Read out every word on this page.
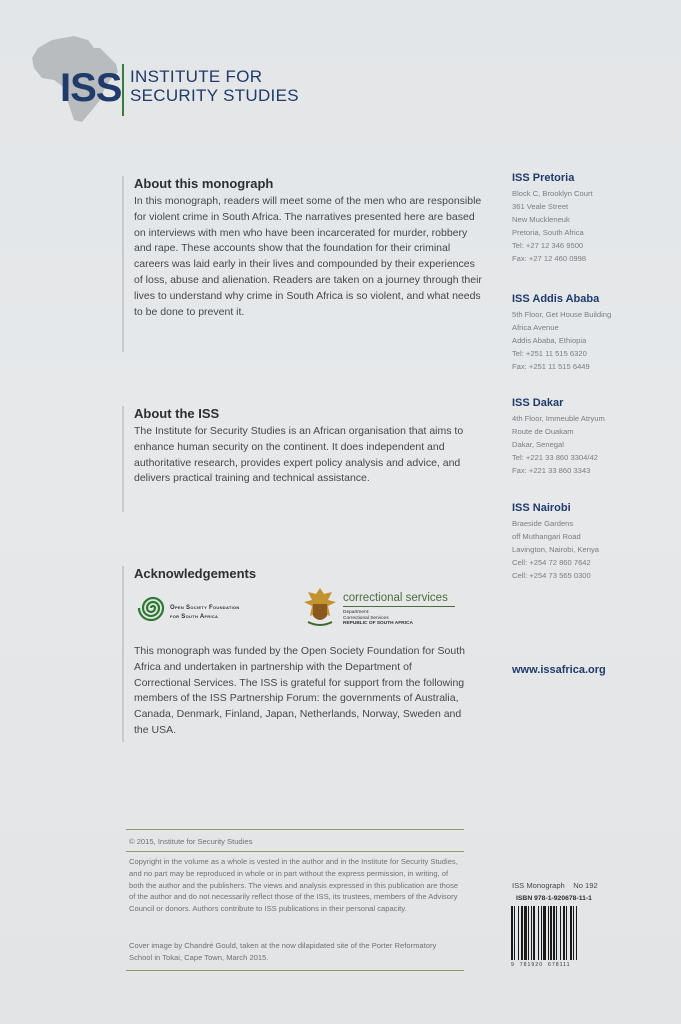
ISS INSTITUTE FOR
SECURITY STUDIES
About this monograph

In this monograph, readers will meet some of the men who are responsible for violent crime in South Africa. The narratives presented here are based on interviews with men who have been incarcerated for murder, robbery and rape. These accounts show that the foundation for their criminal careers was laid early in their lives and compounded by their experiences of loss, abuse and alienation. Readers are taken on a journey through their lives to understand why crime in South Africa is so violent, and what needs to be done to prevent it.

About the ISS

The Institute for Security Studies is an African organisation that aims to enhance human security on the continent. It does independent and authoritative research, provides expert policy analysis and advice, and delivers practical training and technical assistance.

Acknowledgements

This monograph was funded by the Open Society Foundation for South Africa and undertaken in partnership with the Department of Correctional Services. The ISS is grateful for support from the following members of the ISS Partnership Forum: the governments of Australia, Canada, Denmark, Finland, Japan, Netherlands, Norway, Sweden and the USA.

Open Society Foundation
for South Africa
correctional services
Department:
Correctional Services
REPUBLIC OF SOUTH AFRICA
ISS Pretoria
Block C, Brooklyn Court
361 Veale Street
New Muckleneuk
Pretoria, South Africa
Tel: +27 12 346 9500
Fax: +27 12 460 0998
ISS Addis Ababa
5th Floor, Get House Building
Africa Avenue
Addis Ababa, Ethiopia
Tel: +251 11 515 6320
Fax: +251 11 515 6449
ISS Dakar
4th Floor, Immeuble Atryum
Route de Ouakam
Dakar, Senegal
Tel: +221 33 860 3304/42
Fax: +221 33 860 3343
ISS Nairobi
Braeside Gardens
off Muthangari Road
Lavington, Nairobi, Kenya
Cell: +254 72 860 7642
Cell: +254 73 565 0300
www.issafrica.org
© 2015, Institute for Security Studies
Copyright in the volume as a whole is vested in the author and in the Institute for Security Studies, and no part may be reproduced in whole or in part without the express permission, in writing, of both the author and the publishers. The views and analysis expressed in this publication are those of the author and do not necessarily reflect those of the ISS, its trustees, members of the Advisory Council or donors. Authors contribute to ISS publications in their personal capacity.
Cover image by Chandré Gould, taken at the now dilapidated site of the Porter Reformatory School in Tokai, Cape Town, March 2015.
ISS Monograph    No 192
ISBN 978-1-920678-11-1
9  781920  678111
